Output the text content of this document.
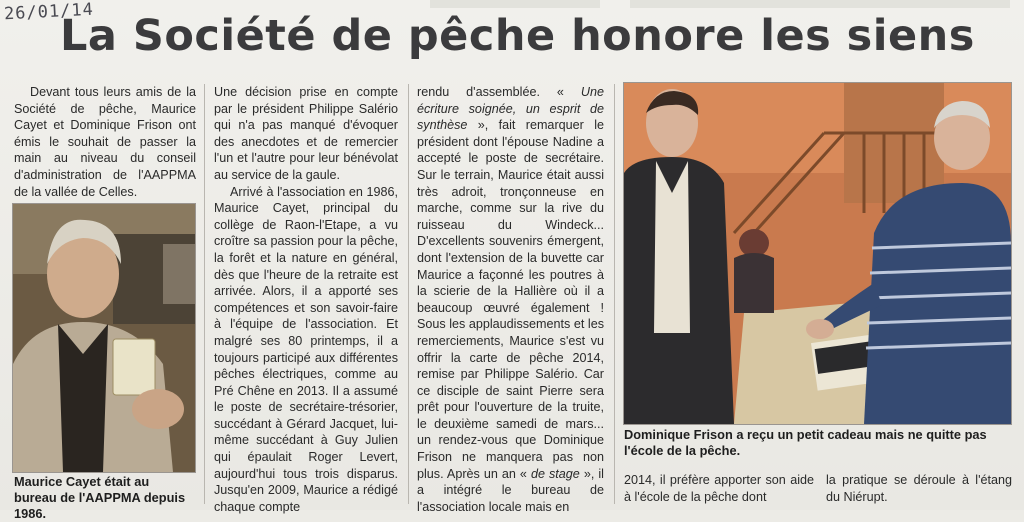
26/01/14
La Société de pêche honore les siens

Devant tous leurs amis de la Société de pêche, Maurice Cayet et Dominique Frison ont émis le souhait de passer la main au niveau du conseil d'administration de l'AAPPMA de la vallée de Celles.

Maurice Cayet était au bureau de l'AAPPMA depuis 1986.

Une décision prise en compte par le président Philippe Salério qui n'a pas manqué d'évoquer des anecdotes et de remercier l'un et l'autre pour leur bénévolat au service de la gaule.

Arrivé à l'association en 1986, Maurice Cayet, principal du collège de Raon-l'Etape, a vu croître sa passion pour la pêche, la forêt et la nature en général, dès que l'heure de la retraite est arrivée. Alors, il a apporté ses compétences et son savoir-faire à l'équipe de l'association. Et malgré ses 80 printemps, il a toujours participé aux différentes pêches électriques, comme au Pré Chêne en 2013. Il a assumé le poste de secrétaire-trésorier, succédant à Gérard Jacquet, lui-même succédant à Guy Julien qui épaulait Roger Levert, aujourd'hui tous trois disparus. Jusqu'en 2009, Maurice a rédigé chaque compte

rendu d'assemblée. « Une écriture soignée, un esprit de synthèse », fait remarquer le président dont l'épouse Nadine a accepté le poste de secrétaire. Sur le terrain, Maurice était aussi très adroit, tronçonneuse en marche, comme sur la rive du ruisseau du Windeck... D'excellents souvenirs émergent, dont l'extension de la buvette car Maurice a façonné les poutres à la scierie de la Hallière où il a beaucoup œuvré également ! Sous les applaudissements et les remerciements, Maurice s'est vu offrir la carte de pêche 2014, remise par Philippe Salério. Car ce disciple de saint Pierre sera prêt pour l'ouverture de la truite, le deuxième samedi de mars... un rendez-vous que Dominique Frison ne manquera pas non plus. Après un an « de stage », il a intégré le bureau de l'association locale mais en

Dominique Frison a reçu un petit cadeau mais ne quitte pas l'école de la pêche.

2014, il préfère apporter son aide à l'école de la pêche dont

la pratique se déroule à l'étang du Niérupt.
